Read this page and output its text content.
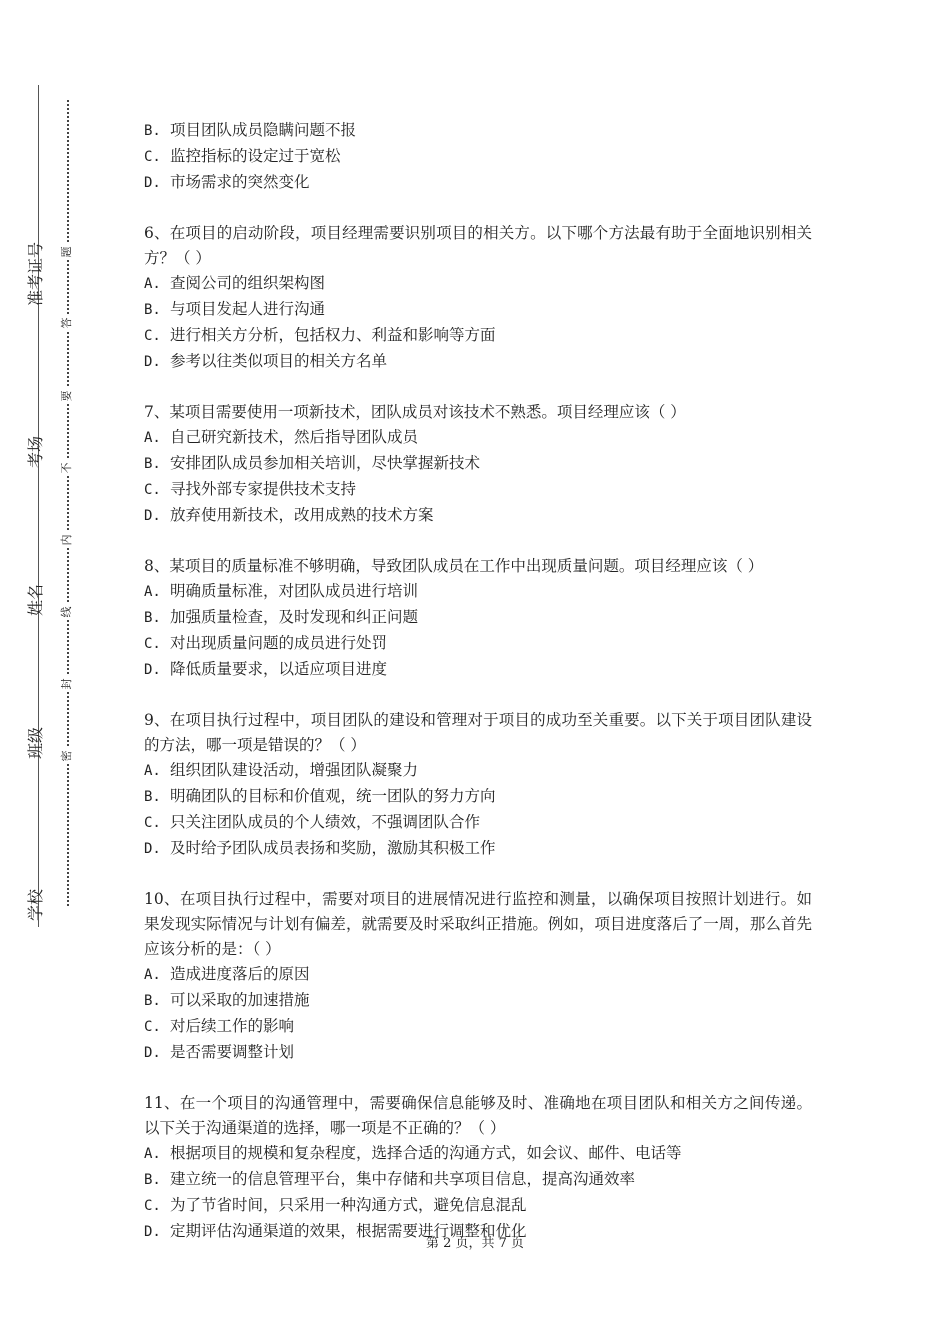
准考证号
考场
姓名
班级
学校
题
答
要
不
内
线
封
密
B. 项目团队成员隐瞒问题不报
C. 监控指标的设定过于宽松
D. 市场需求的突然变化
6、在项目的启动阶段，项目经理需要识别项目的相关方。以下哪个方法最有助于全面地识别相关方？（ ）
A. 查阅公司的组织架构图
B. 与项目发起人进行沟通
C. 进行相关方分析，包括权力、利益和影响等方面
D. 参考以往类似项目的相关方名单
7、某项目需要使用一项新技术，团队成员对该技术不熟悉。项目经理应该（ ）
A. 自己研究新技术，然后指导团队成员
B. 安排团队成员参加相关培训，尽快掌握新技术
C. 寻找外部专家提供技术支持
D. 放弃使用新技术，改用成熟的技术方案
8、某项目的质量标准不够明确，导致团队成员在工作中出现质量问题。项目经理应该（ ）
A. 明确质量标准，对团队成员进行培训
B. 加强质量检查，及时发现和纠正问题
C. 对出现质量问题的成员进行处罚
D. 降低质量要求，以适应项目进度
9、在项目执行过程中，项目团队的建设和管理对于项目的成功至关重要。以下关于项目团队建设的方法，哪一项是错误的？（ ）
A. 组织团队建设活动，增强团队凝聚力
B. 明确团队的目标和价值观，统一团队的努力方向
C. 只关注团队成员的个人绩效，不强调团队合作
D. 及时给予团队成员表扬和奖励，激励其积极工作
10、在项目执行过程中，需要对项目的进展情况进行监控和测量，以确保项目按照计划进行。如果发现实际情况与计划有偏差，就需要及时采取纠正措施。例如，项目进度落后了一周，那么首先应该分析的是：（ ）
A. 造成进度落后的原因
B. 可以采取的加速措施
C. 对后续工作的影响
D. 是否需要调整计划
11、在一个项目的沟通管理中，需要确保信息能够及时、准确地在项目团队和相关方之间传递。以下关于沟通渠道的选择，哪一项是不正确的？（ ）
A. 根据项目的规模和复杂程度，选择合适的沟通方式，如会议、邮件、电话等
B. 建立统一的信息管理平台，集中存储和共享项目信息，提高沟通效率
C. 为了节省时间，只采用一种沟通方式，避免信息混乱
D. 定期评估沟通渠道的效果，根据需要进行调整和优化
第 2 页，共 7 页
